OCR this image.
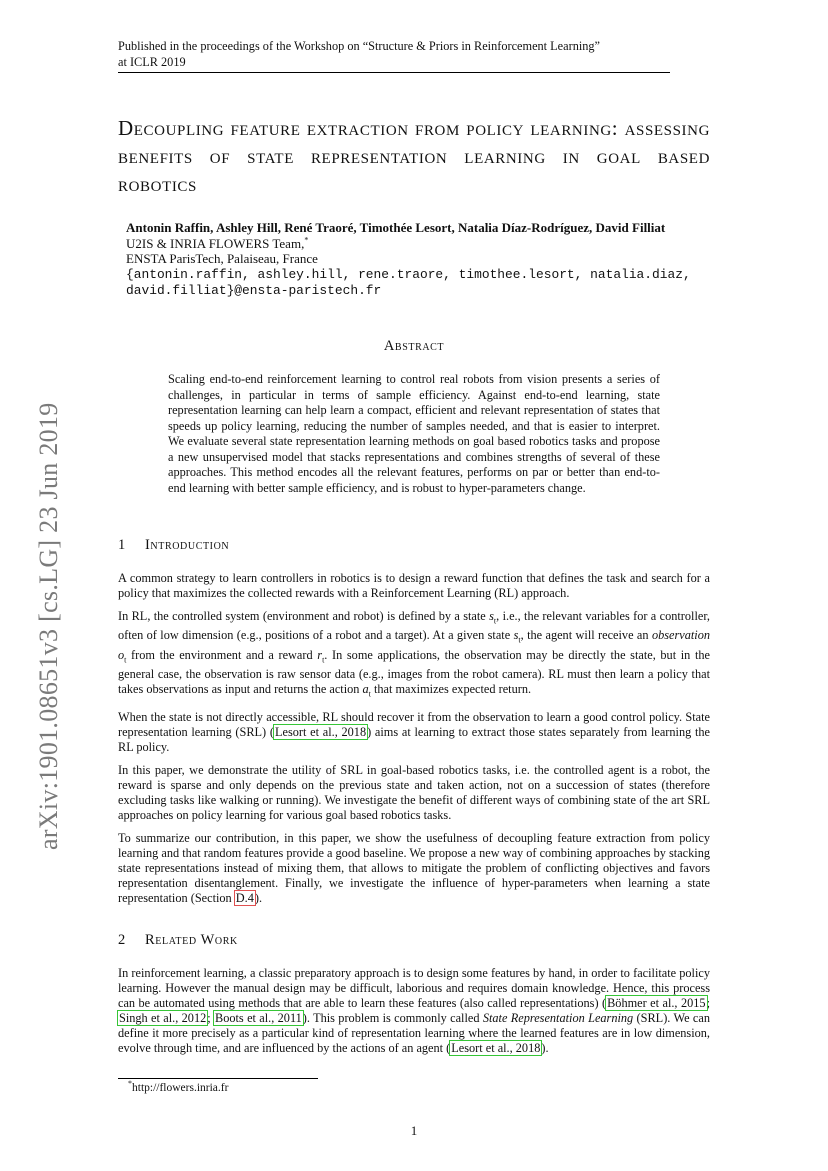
Published in the proceedings of the Workshop on “Structure & Priors in Reinforcement Learning”
at ICLR 2019
arXiv:1901.08651v3 [cs.LG] 23 Jun 2019
Decoupling feature extraction from policy learning: assessing benefits of state representation learning in goal based robotics
Antonin Raffin, Ashley Hill, René Traoré, Timothée Lesort, Natalia Díaz-Rodríguez, David Filliat
U2IS & INRIA FLOWERS Team,*
ENSTA ParisTech, Palaiseau, France
{antonin.raffin, ashley.hill, rene.traore, timothee.lesort, natalia.diaz,
david.filliat}@ensta-paristech.fr
Abstract

Scaling end-to-end reinforcement learning to control real robots from vision presents a series of challenges, in particular in terms of sample efficiency. Against end-to-end learning, state representation learning can help learn a compact, efficient and relevant representation of states that speeds up policy learning, reducing the number of samples needed, and that is easier to interpret. We evaluate several state representation learning methods on goal based robotics tasks and propose a new unsupervised model that stacks representations and combines strengths of several of these approaches. This method encodes all the relevant features, performs on par or better than end-to-end learning with better sample efficiency, and is robust to hyper-parameters change.

1 Introduction

A common strategy to learn controllers in robotics is to design a reward function that defines the task and search for a policy that maximizes the collected rewards with a Reinforcement Learning (RL) approach.

In RL, the controlled system (environment and robot) is defined by a state $s_t$, i.e., the relevant variables for a controller, often of low dimension (e.g., positions of a robot and a target). At a given state $s_t$, the agent will receive an observation $o_t$ from the environment and a reward $r_t$. In some applications, the observation may be directly the state, but in the general case, the observation is raw sensor data (e.g., images from the robot camera). RL must then learn a policy that takes observations as input and returns the action $a_t$ that maximizes expected return.

When the state is not directly accessible, RL should recover it from the observation to learn a good control policy. State representation learning (SRL) (Lesort et al., 2018) aims at learning to extract those states separately from learning the RL policy.

In this paper, we demonstrate the utility of SRL in goal-based robotics tasks, i.e. the controlled agent is a robot, the reward is sparse and only depends on the previous state and taken action, not on a succession of states (therefore excluding tasks like walking or running). We investigate the benefit of different ways of combining state of the art SRL approaches on policy learning for various goal based robotics tasks.

To summarize our contribution, in this paper, we show the usefulness of decoupling feature extraction from policy learning and that random features provide a good baseline. We propose a new way of combining approaches by stacking state representations instead of mixing them, that allows to mitigate the problem of conflicting objectives and favors representation disentanglement. Finally, we investigate the influence of hyper-parameters when learning a state representation (Section D.4).

2 Related Work

In reinforcement learning, a classic preparatory approach is to design some features by hand, in order to facilitate policy learning. However the manual design may be difficult, laborious and requires domain knowledge. Hence, this process can be automated using methods that are able to learn these features (also called representations) (Böhmer et al., 2015; Singh et al., 2012; Boots et al., 2011). This problem is commonly called State Representation Learning (SRL). We can define it more precisely as a particular kind of representation learning where the learned features are in low dimension, evolve through time, and are influenced by the actions of an agent (Lesort et al., 2018).

*http://flowers.inria.fr
1
